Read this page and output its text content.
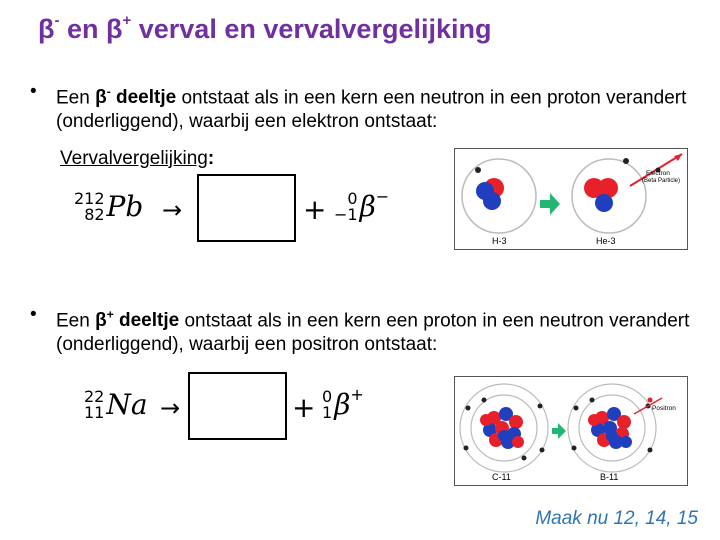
β- en β+ verval en vervalvergelijking
• Een β- deeltje ontstaat als in een kern een neutron in een proton verandert (onderliggend), waarbij een elektron ontstaat:
Vervalvergelijking:
212
82 Pb →	+ 0
−1 β −
Electron
(Beta Particle)
H-3	He-3
• Een β+ deeltje ontstaat als in een kern een proton in een neutron verandert (onderliggend), waarbij een positron ontstaat:
22
11 Na →	+ 0
1 β +
Positron
C-11	B-11
Maak nu 12, 14, 15
